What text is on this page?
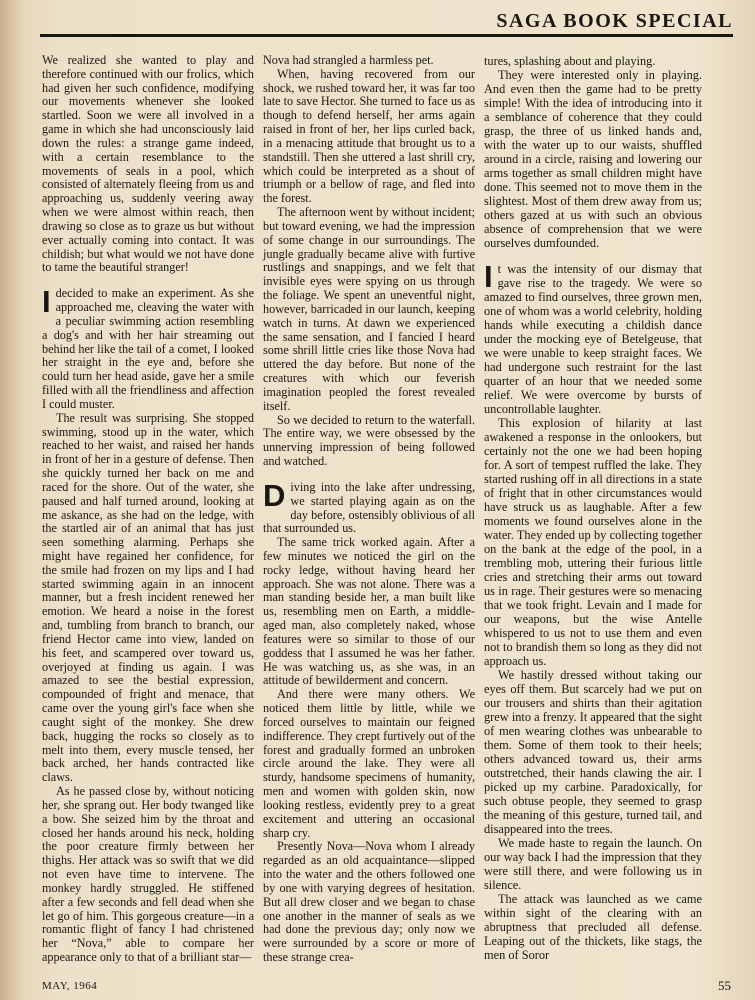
SAGA BOOK SPECIAL

We realized she wanted to play and therefore continued with our frolics, which had given her such confidence, modifying our movements whenever she looked startled. Soon we were all involved in a game in which she had unconsciously laid down the rules: a strange game indeed, with a certain resemblance to the movements of seals in a pool, which consisted of alternately fleeing from us and approaching us, suddenly veering away when we were almost within reach, then drawing so close as to graze us but without ever actually coming into contact. It was childish; but what would we not have done to tame the beautiful stranger!

Idecided to make an experiment. As she approached me, cleaving the water with a peculiar swimming action resembling a dog's and with her hair streaming out behind her like the tail of a comet, I looked her straight in the eye and, before she could turn her head aside, gave her a smile filled with all the friendliness and affection I could muster.

The result was surprising. She stopped swimming, stood up in the water, which reached to her waist, and raised her hands in front of her in a gesture of defense. Then she quickly turned her back on me and raced for the shore. Out of the water, she paused and half turned around, looking at me askance, as she had on the ledge, with the startled air of an animal that has just seen something alarming. Perhaps she might have regained her confidence, for the smile had frozen on my lips and I had started swimming again in an innocent manner, but a fresh incident renewed her emotion. We heard a noise in the forest and, tumbling from branch to branch, our friend Hector came into view, landed on his feet, and scampered over toward us, overjoyed at finding us again. I was amazed to see the bestial expression, compounded of fright and menace, that came over the young girl's face when she caught sight of the monkey. She drew back, hugging the rocks so closely as to melt into them, every muscle tensed, her back arched, her hands contracted like claws.

As he passed close by, without noticing her, she sprang out. Her body twanged like a bow. She seized him by the throat and closed her hands around his neck, holding the poor creature firmly between her thighs. Her attack was so swift that we did not even have time to intervene. The monkey hardly struggled. He stiffened after a few seconds and fell dead when she let go of him. This gorgeous creature—in a romantic flight of fancy I had christened her “Nova,” able to compare her appearance only to that of a brilliant star—

Nova had strangled a harmless pet.

When, having recovered from our shock, we rushed toward her, it was far too late to save Hector. She turned to face us as though to defend herself, her arms again raised in front of her, her lips curled back, in a menacing attitude that brought us to a standstill. Then she uttered a last shrill cry, which could be interpreted as a shout of triumph or a bellow of rage, and fled into the forest.

The afternoon went by without incident; but toward evening, we had the impression of some change in our surroundings. The jungle gradually became alive with furtive rustlings and snappings, and we felt that invisible eyes were spying on us through the foliage. We spent an uneventful night, however, barricaded in our launch, keeping watch in turns. At dawn we experienced the same sensation, and I fancied I heard some shrill little cries like those Nova had uttered the day before. But none of the creatures with which our feverish imagination peopled the forest revealed itself.

So we decided to return to the waterfall. The entire way, we were obsessed by the unnerving impression of being followed and watched.

Diving into the lake after undressing, we started playing again as on the day before, ostensibly oblivious of all that surrounded us.

The same trick worked again. After a few minutes we noticed the girl on the rocky ledge, without having heard her approach. She was not alone. There was a man standing beside her, a man built like us, resembling men on Earth, a middle-aged man, also completely naked, whose features were so similar to those of our goddess that I assumed he was her father. He was watching us, as she was, in an attitude of bewilderment and concern.

And there were many others. We noticed them little by little, while we forced ourselves to maintain our feigned indifference. They crept furtively out of the forest and gradually formed an unbroken circle around the lake. They were all sturdy, handsome specimens of humanity, men and women with golden skin, now looking restless, evidently prey to a great excitement and uttering an occasional sharp cry.

Presently Nova—Nova whom I already regarded as an old acquaintance—slipped into the water and the others followed one by one with varying degrees of hesitation. But all drew closer and we began to chase one another in the manner of seals as we had done the previous day; only now we were surrounded by a score or more of these strange crea-

tures, splashing about and playing.

They were interested only in playing. And even then the game had to be pretty simple! With the idea of introducing into it a semblance of coherence that they could grasp, the three of us linked hands and, with the water up to our waists, shuffled around in a circle, raising and lowering our arms together as small children might have done. This seemed not to move them in the slightest. Most of them drew away from us; others gazed at us with such an obvious absence of comprehension that we were ourselves dumfounded.

It was the intensity of our dismay that gave rise to the tragedy. We were so amazed to find ourselves, three grown men, one of whom was a world celebrity, holding hands while executing a childish dance under the mocking eye of Betelgeuse, that we were unable to keep straight faces. We had undergone such restraint for the last quarter of an hour that we needed some relief. We were overcome by bursts of uncontrollable laughter.

This explosion of hilarity at last awakened a response in the onlookers, but certainly not the one we had been hoping for. A sort of tempest ruffled the lake. They started rushing off in all directions in a state of fright that in other circumstances would have struck us as laughable. After a few moments we found ourselves alone in the water. They ended up by collecting together on the bank at the edge of the pool, in a trembling mob, uttering their furious little cries and stretching their arms out toward us in rage. Their gestures were so menacing that we took fright. Levain and I made for our weapons, but the wise Antelle whispered to us not to use them and even not to brandish them so long as they did not approach us.

We hastily dressed without taking our eyes off them. But scarcely had we put on our trousers and shirts than their agitation grew into a frenzy. It appeared that the sight of men wearing clothes was unbearable to them. Some of them took to their heels; others advanced toward us, their arms outstretched, their hands clawing the air. I picked up my carbine. Paradoxically, for such obtuse people, they seemed to grasp the meaning of this gesture, turned tail, and disappeared into the trees.

We made haste to regain the launch. On our way back I had the impression that they were still there, and were following us in silence.

The attack was launched as we came within sight of the clearing with an abruptness that precluded all defense. Leaping out of the thickets, like stags, the men of Soror

MAY, 1964	55
